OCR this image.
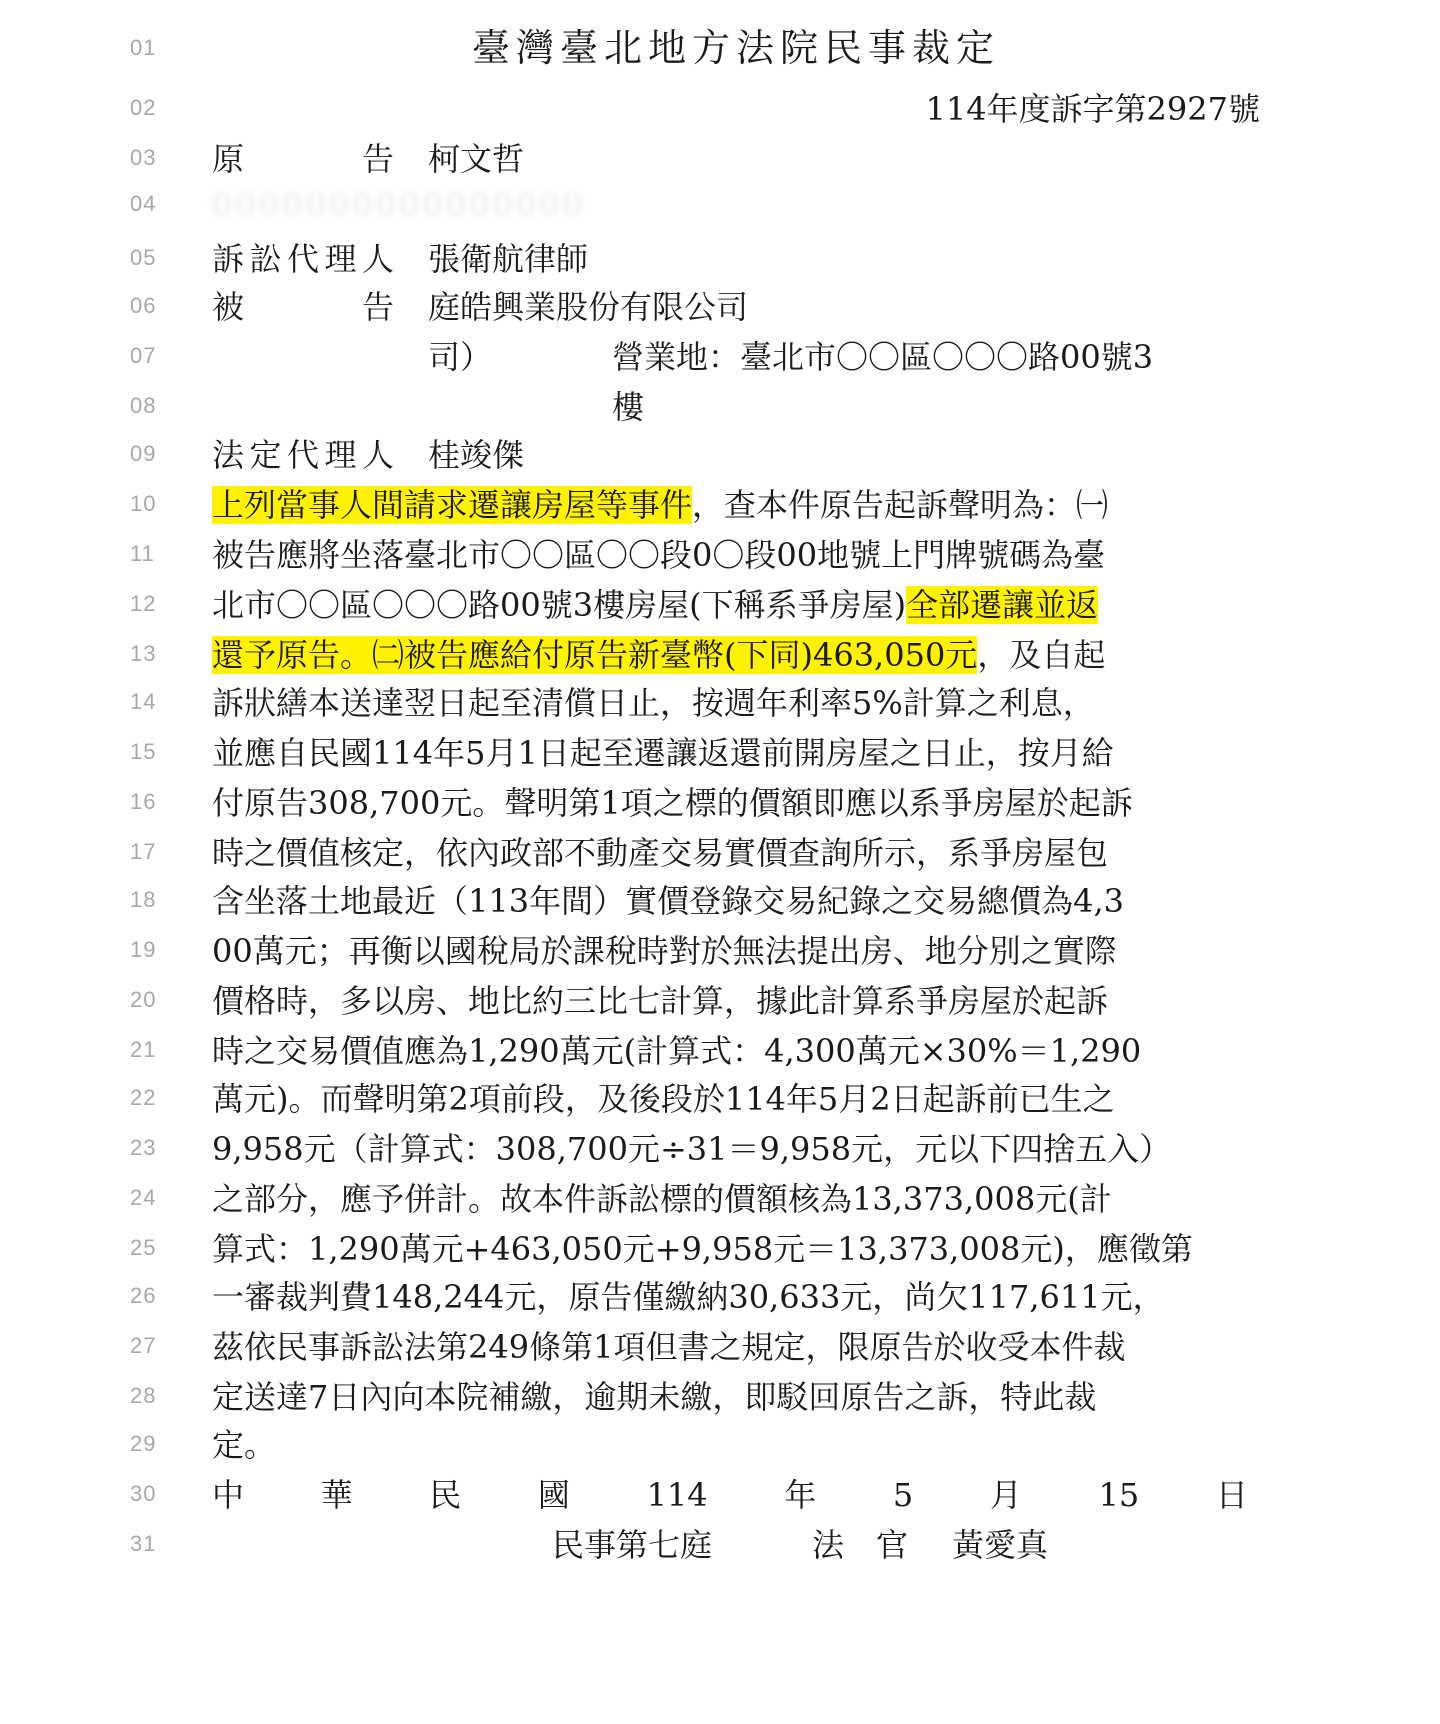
01
02
03
04
05
06
07
08
09
10
11
12
13
14
15
16
17
18
19
20
21
22
23
24
25
26
27
28
29
30
31
臺灣臺北地方法院民事裁定
114年度訴字第2927號
原　　　告 柯文哲
0000000000000000
訴訟代理人 張衛航律師
被　　　告 庭皓興業股份有限公司
司）	營業地：臺北市〇〇區〇〇〇路00號3
樓
法定代理人 桂竣傑
上列當事人間請求遷讓房屋等事件，查本件原告起訴聲明為：㈠
被告應將坐落臺北市〇〇區〇〇段0〇段00地號上門牌號碼為臺
北市〇〇區〇〇〇路00號3樓房屋(下稱系爭房屋)全部遷讓並返
還予原告。㈡被告應給付原告新臺幣(下同)463,050元，及自起
訴狀繕本送達翌日起至清償日止，按週年利率5%計算之利息，
並應自民國114年5月1日起至遷讓返還前開房屋之日止，按月給
付原告308,700元。聲明第1項之標的價額即應以系爭房屋於起訴
時之價值核定，依內政部不動產交易實價查詢所示，系爭房屋包
含坐落土地最近（113年間）實價登錄交易紀錄之交易總價為4,3
00萬元；再衡以國稅局於課稅時對於無法提出房、地分別之實際
價格時，多以房、地比約三比七計算，據此計算系爭房屋於起訴
時之交易價值應為1,290萬元(計算式：4,300萬元×30%＝1,290
萬元)。而聲明第2項前段，及後段於114年5月2日起訴前已生之
9,958元（計算式：308,700元÷31＝9,958元，元以下四捨五入）
之部分，應予併計。故本件訴訟標的價額核為13,373,008元(計
算式：1,290萬元+463,050元+9,958元＝13,373,008元)，應徵第
一審裁判費148,244元，原告僅繳納30,633元，尚欠117,611元，
茲依民事訴訟法第249條第1項但書之規定，限原告於收受本件裁
定送達7日內向本院補繳，逾期未繳，即駁回原告之訴，特此裁
定。
中 華 民 國 114 年 5 月 15 日
民事第七庭	法　官 黃愛真
